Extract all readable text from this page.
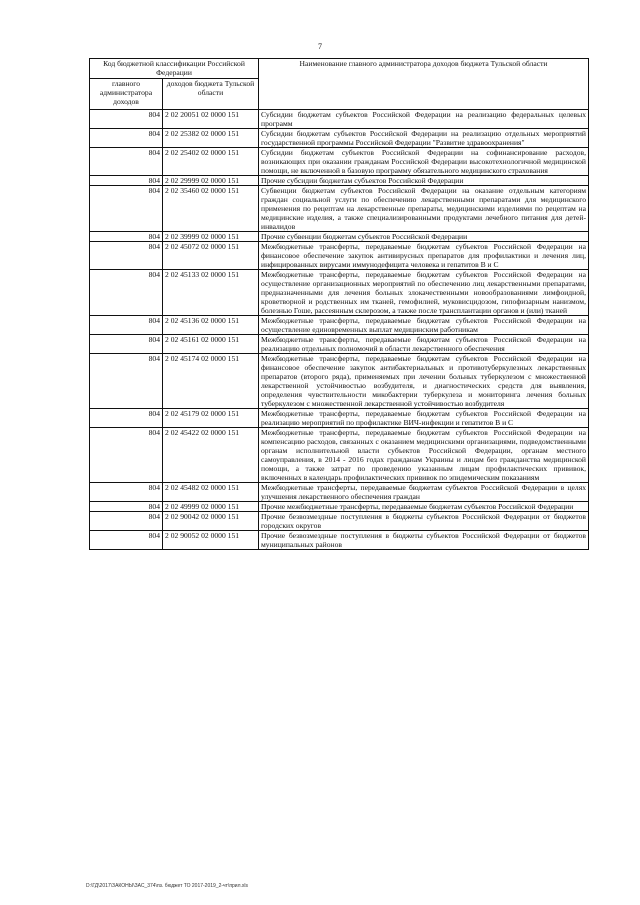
7
Код бюджетной классификации Российской Федерации		Наименование главного администратора доходов бюджета Тульской области
главного администратора доходов	доходов бюджета Тульской области	
804	2 02 20051 02 0000 151	Субсидии бюджетам субъектов Российской Федерации на реализацию федеральных целевых программ
804	2 02 25382 02 0000 151	Субсидии бюджетам субъектов Российской Федерации на реализацию отдельных мероприятий государственной программы Российской Федерации "Развитие здравоохранения"
804	2 02 25402 02 0000 151	Субсидии бюджетам субъектов Российской Федерации на софинансирование расходов, возникающих при оказании гражданам Российской Федерации высокотехнологичной медицинской помощи, не включенной в базовую программу обязательного медицинского страхования
804	2 02 29999 02 0000 151	Прочие субсидии бюджетам субъектов Российской Федерации
804	2 02 35460 02 0000 151	Субвенции бюджетам субъектов Российской Федерации на оказание отдельным категориям граждан социальной услуги по обеспечению лекарственными препаратами для медицинского применения по рецептам на лекарственные препараты, медицинскими изделиями по рецептам на медицинские изделия, а также специализированными продуктами лечебного питания для детей-инвалидов
804	2 02 39999 02 0000 151	Прочие субвенции бюджетам субъектов Российской Федерации
804	2 02 45072 02 0000 151	Межбюджетные трансферты, передаваемые бюджетам субъектов Российской Федерации на финансовое обеспечение закупок антивирусных препаратов для профилактики и лечения лиц, инфицированных вирусами иммунодефицита человека и гепатитов В и С
804	2 02 45133 02 0000 151	Межбюджетные трансферты, передаваемые бюджетам субъектов Российской Федерации на осуществление организационных мероприятий по обеспечению лиц лекарственными препаратами, предназначенными для лечения больных злокачественными новообразованиями лимфоидной, кроветворной и родственных им тканей, гемофилией, муковисцидозом, гипофизарным нанизмом, болезнью Гоше, рассеянным склерозом, а также после трансплантации органов и (или) тканей
804	2 02 45136 02 0000 151	Межбюджетные трансферты, передаваемые бюджетам субъектов Российской Федерации на осуществление единовременных выплат медицинским работникам
804	2 02 45161 02 0000 151	Межбюджетные трансферты, передаваемые бюджетам субъектов Российской Федерации на реализацию отдельных полномочий в области лекарственного обеспечения
804	2 02 45174 02 0000 151	Межбюджетные трансферты, передаваемые бюджетам субъектов Российской Федерации на финансовое обеспечение закупок антибактериальных и противотуберкулезных лекарственных препаратов (второго ряда), применяемых при лечении больных туберкулезом с множественной лекарственной устойчивостью возбудителя, и диагностических средств для выявления, определения чувствительности микобактерии туберкулеза и мониторинга лечения больных туберкулезом с множественной лекарственной устойчивостью возбудителя
804	2 02 45179 02 0000 151	Межбюджетные трансферты, передаваемые бюджетам субъектов Российской Федерации на реализацию мероприятий по профилактике ВИЧ-инфекции и гепатитов В и С
804	2 02 45422 02 0000 151	Межбюджетные трансферты, передаваемые бюджетам субъектов Российской Федерации на компенсацию расходов, связанных с оказанием медицинскими организациями, подведомственными органам исполнительной власти субъектов Российской Федерации, органам местного самоуправления, в 2014 - 2016 годах гражданам Украины и лицам без гражданства медицинской помощи, а также затрат по проведению указанным лицам профилактических прививок, включенных в календарь профилактических прививок по эпидемическим показаниям
804	2 02 45482 02 0000 151	Межбюджетные трансферты, передаваемые бюджетам субъектов Российской Федерации в целях улучшения лекарственного обеспечения граждан
804	2 02 49999 02 0000 151	Прочие межбюджетные трансферты, передаваемые бюджетам субъектов Российской Федерации
804	2 02 90042 02 0000 151	Прочие безвозмездные поступления в бюджеты субъектов Российской Федерации от бюджетов городских округов
804	2 02 90052 02 0000 151	Прочие безвозмездные поступления в бюджеты субъектов Российской Федерации от бюджетов муниципальных районов
D:\ГД\2017\ЗАКОНЫ\ЗАС_374\пз. бюджет ТО 2017-2019_2-чт\прил.xls
